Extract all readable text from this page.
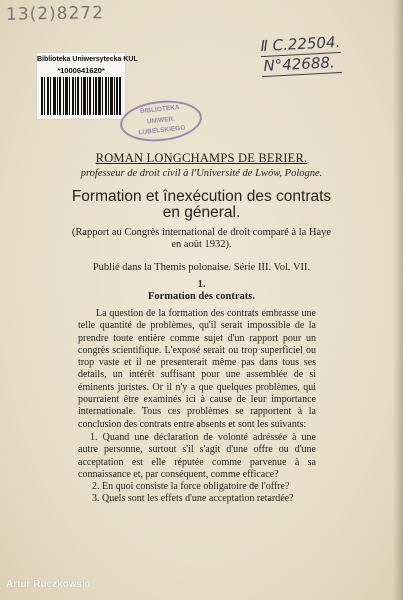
13(2)8272
Ⅱ C.22504.
N°42688.
Biblioteka Uniwersytecka KUL
*1000641620*
BIBLIOTEKA
UNIWER.
LUBELSKIEGO
ROMAN LONGCHAMPS DE BERIER.
professeur de droit civil à l'Université de Lwów, Pologne.
Formation et înexécution des contrats
en géneral.
(Rapport au Congrès international de droit comparé à la Haye
en août 1932).
Publié dans la Themis polonaise. Série III. Vol. VII.
1.
Formation des contrats.

La question de la formation des contrats embrasse une telle quantité de problèmes, qu'il serait impossible de la prendre toute entière comme sujet d'un rapport pour un congrès scientifique. L'exposé serait ou trop superficiel ou trop vaste et il ne presenterait même pas dans tous ses details, un intérêt suffisant pour une assemblée de si éminents juristes. Or il n'y a que quelques problèmes, qui pourraient être examinés ici à cause de leur importance internationale. Tous ces problèmes se rapportent à la conclusion des contrats entre absents et sont les suivants:

1. Quand une déclaration de volonté adréssée à une autre personne, surtout s'il s'agit d'une offre ou d'une acceptation est elle réputée comme parvenue à sa connaissance et, par conséquent, comme efficace?

2. En quoi consiste la force obligatoire de l'offre?

3. Quels sont les effets d'une acceptation retardée?

Artur Ruczkowski
